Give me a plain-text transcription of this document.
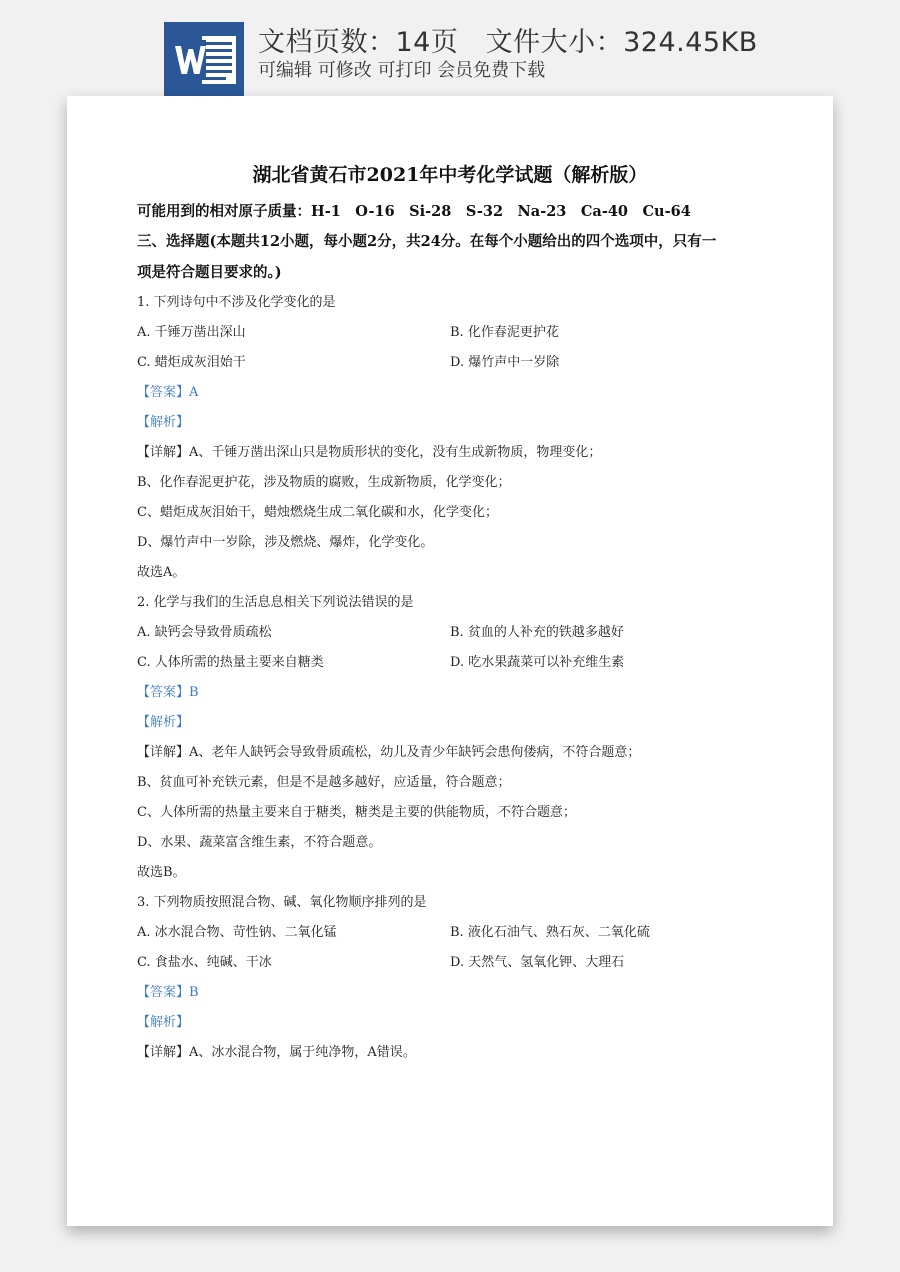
文档页数：14页 文件大小：324.45KB
可编辑 可修改 可打印 会员免费下载
湖北省黄石市2021年中考化学试题（解析版）
可能用到的相对原子质量：H-1　O-16　Si-28　S-32　Na-23　Ca-40　Cu-64
三、选择题(本题共12小题，每小题2分，共24分。在每个小题给出的四个选项中，只有一
项是符合题目要求的。)
1. 下列诗句中不涉及化学变化的是
A. 千锤万凿出深山	B. 化作春泥更护花
C. 蜡炬成灰泪始干	D. 爆竹声中一岁除
【答案】A
【解析】
【详解】A、千锤万凿出深山只是物质形状的变化，没有生成新物质，物理变化；
B、化作春泥更护花，涉及物质的腐败，生成新物质，化学变化；
C、蜡炬成灰泪始干，蜡烛燃烧生成二氧化碳和水，化学变化；
D、爆竹声中一岁除，涉及燃烧、爆炸，化学变化。
故选A。
2. 化学与我们的生活息息相关下列说法错误的是
A. 缺钙会导致骨质疏松	B. 贫血的人补充的铁越多越好
C. 人体所需的热量主要来自糖类	D. 吃水果蔬菜可以补充维生素
【答案】B
【解析】
【详解】A、老年人缺钙会导致骨质疏松，幼儿及青少年缺钙会患佝偻病，不符合题意；
B、贫血可补充铁元素，但是不是越多越好，应适量，符合题意；
C、人体所需的热量主要来自于糖类，糖类是主要的供能物质，不符合题意；
D、水果、蔬菜富含维生素，不符合题意。
故选B。
3. 下列物质按照混合物、碱、氧化物顺序排列的是
A. 冰水混合物、苛性钠、二氧化锰	B. 液化石油气、熟石灰、二氧化硫
C. 食盐水、纯碱、干冰	D. 天然气、氢氧化钾、大理石
【答案】B
【解析】
【详解】A、冰水混合物，属于纯净物，A错误。
